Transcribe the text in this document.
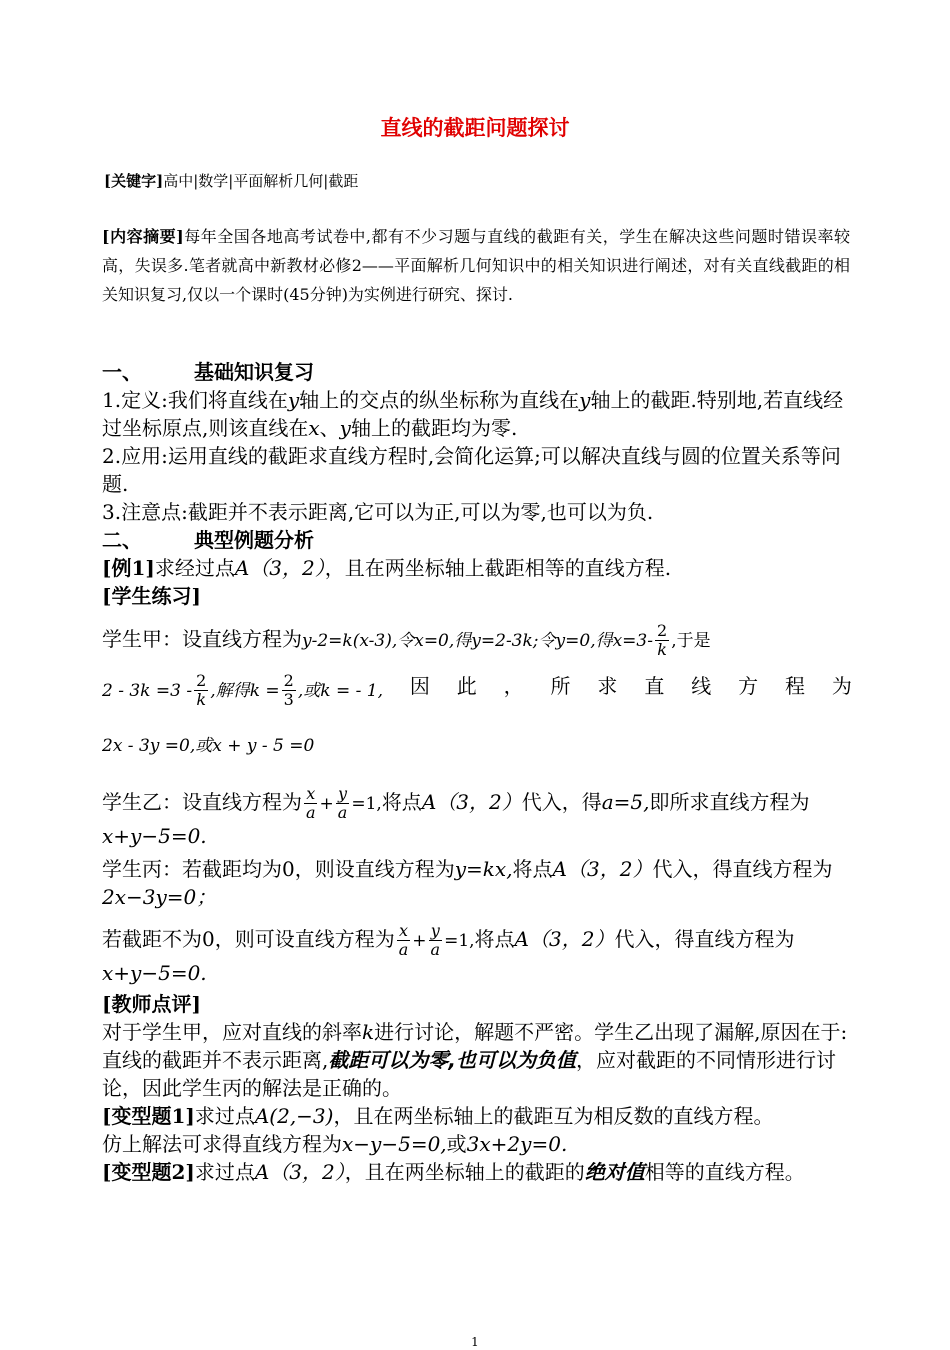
直线的截距问题探讨
[关键字]高中|数学|平面解析几何|截距
[内容摘要]每年全国各地高考试卷中,都有不少习题与直线的截距有关，学生在解决这些问题时错误率较高，失误多.笔者就高中新教材必修2——平面解析几何知识中的相关知识进行阐述，对有关直线截距的相关知识复习,仅以一个课时(45分钟)为实例进行研究、探讨.
一、	基础知识复习
1.定义:我们将直线在y轴上的交点的纵坐标称为直线在y轴上的截距.特别地,若直线经过坐标原点,则该直线在x、y轴上的截距均为零.
2.应用:运用直线的截距求直线方程时,会简化运算;可以解决直线与圆的位置关系等问题.
3.注意点:截距并不表示距离,它可以为正,可以为零,也可以为负.
二、	典型例题分析
[例1]求经过点A（3，2），且在两坐标轴上截距相等的直线方程.
[学生练习]
学生甲：设直线方程为y-2=k(x-3),令x=0,得y=2-3k;令y=0,得$x=3- \frac{2}{k}$ ,于是
$2 - 3k =3 - \frac{2}{k}$ ,解得$k = \frac{2}{3}$ ,或k = - 1, 因 此 ， 所 求 直 线 方 程 为
2x - 3y =0,或x + y - 5 =0
学生乙：设直线方程为 $\frac{x}{a} + \frac{y}{a} =1$,将点A（3，2）代入，得a=5,即所求直线方程为x+y−5=0.
学生丙：若截距均为0，则设直线方程为y=kx,将点A（3，2）代入，得直线方程为2x−3y=0；
若截距不为0，则可设直线方程为 $\frac{x}{a} + \frac{y}{a} =1$,将点A（3，2）代入，得直线方程为x+y−5=0.
[教师点评]
对于学生甲，应对直线的斜率k进行讨论，解题不严密。学生乙出现了漏解,原因在于:直线的截距并不表示距离,截距可以为零,也可以为负值，应对截距的不同情形进行讨论，因此学生丙的解法是正确的。
[变型题1]求过点A(2,−3)，且在两坐标轴上的截距互为相反数的直线方程。
仿上解法可求得直线方程为x−y−5=0,或3x+2y=0.
[变型题2]求过点A（3，2），且在两坐标轴上的截距的绝对值相等的直线方程。
1
